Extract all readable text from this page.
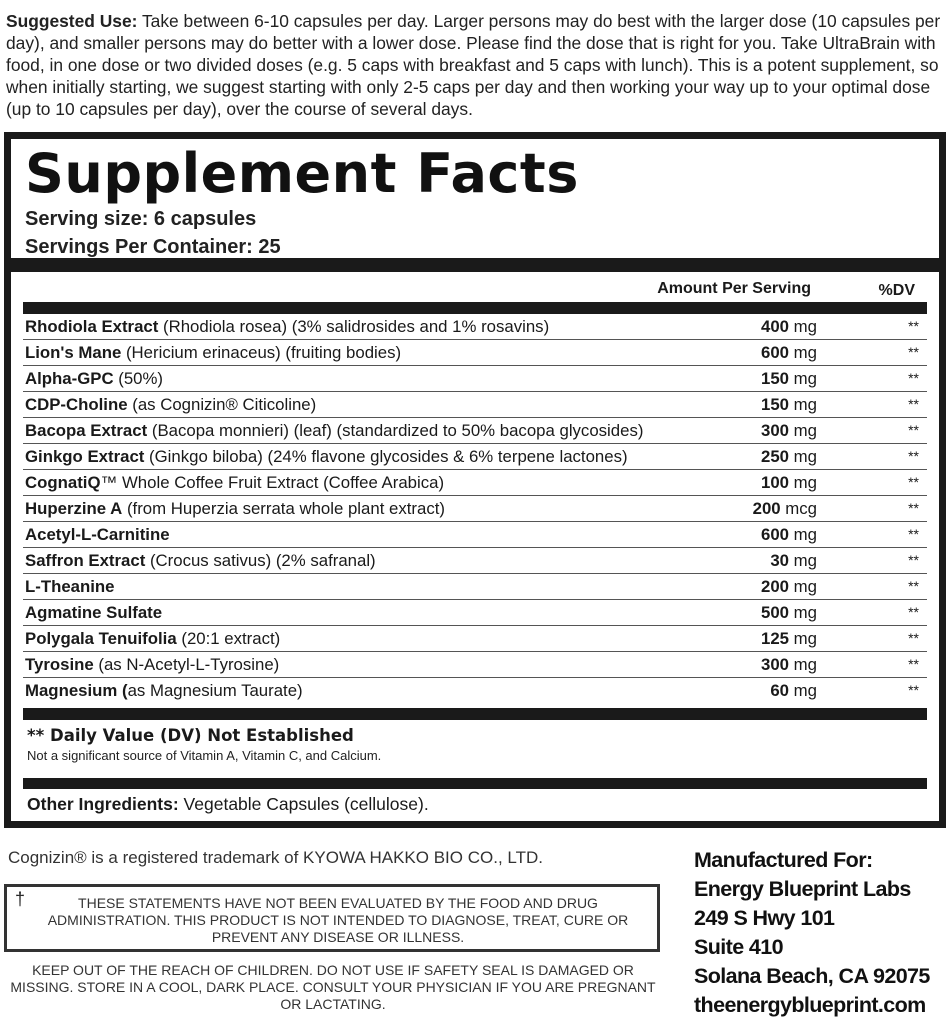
Suggested Use: Take between 6-10 capsules per day. Larger persons may do best with the larger dose (10 capsules per day), and smaller persons may do better with a lower dose. Please find the dose that is right for you. Take UltraBrain with food, in one dose or two divided doses (e.g. 5 caps with breakfast and 5 caps with lunch). This is a potent supplement, so when initially starting, we suggest starting with only 2-5 caps per day and then working your way up to your optimal dose (up to 10 capsules per day), over the course of several days.
Supplement Facts
Serving size: 6 capsules
Servings Per Container: 25
Amount Per Serving	%DV
Rhodiola Extract (Rhodiola rosea) (3% salidrosides and 1% rosavins)	400 mg	**
Lion's Mane (Hericium erinaceus) (fruiting bodies)	600 mg	**
Alpha-GPC (50%)	150 mg	**
CDP-Choline (as Cognizin® Citicoline)	150 mg	**
Bacopa Extract (Bacopa monnieri) (leaf) (standardized to 50% bacopa glycosides)	300 mg	**
Ginkgo Extract (Ginkgo biloba) (24% flavone glycosides & 6% terpene lactones)	250 mg	**
CognatiQ™ Whole Coffee Fruit Extract (Coffee Arabica)	100 mg	**
Huperzine A (from Huperzia serrata whole plant extract)	200 mcg	**
Acetyl-L-Carnitine	600 mg	**
Saffron Extract (Crocus sativus) (2% safranal)	30 mg	**
L-Theanine	200 mg	**
Agmatine Sulfate	500 mg	**
Polygala Tenuifolia (20:1 extract)	125 mg	**
Tyrosine (as N-Acetyl-L-Tyrosine)	300 mg	**
Magnesium (as Magnesium Taurate)	60 mg	**
** Daily Value (DV) Not Established
Not a significant source of Vitamin A, Vitamin C, and Calcium.
Other Ingredients: Vegetable Capsules (cellulose).
Cognizin® is a registered trademark of KYOWA HAKKO BIO CO., LTD.
†	THESE STATEMENTS HAVE NOT BEEN EVALUATED BY THE FOOD AND DRUG ADMINISTRATION. THIS PRODUCT IS NOT INTENDED TO DIAGNOSE, TREAT, CURE OR PREVENT ANY DISEASE OR ILLNESS.
KEEP OUT OF THE REACH OF CHILDREN. DO NOT USE IF SAFETY SEAL IS DAMAGED OR MISSING. STORE IN A COOL, DARK PLACE. CONSULT YOUR PHYSICIAN IF YOU ARE PREGNANT OR LACTATING.
Manufactured For:
Energy Blueprint Labs
249 S Hwy 101
Suite 410
Solana Beach, CA 92075
theenergyblueprint.com
